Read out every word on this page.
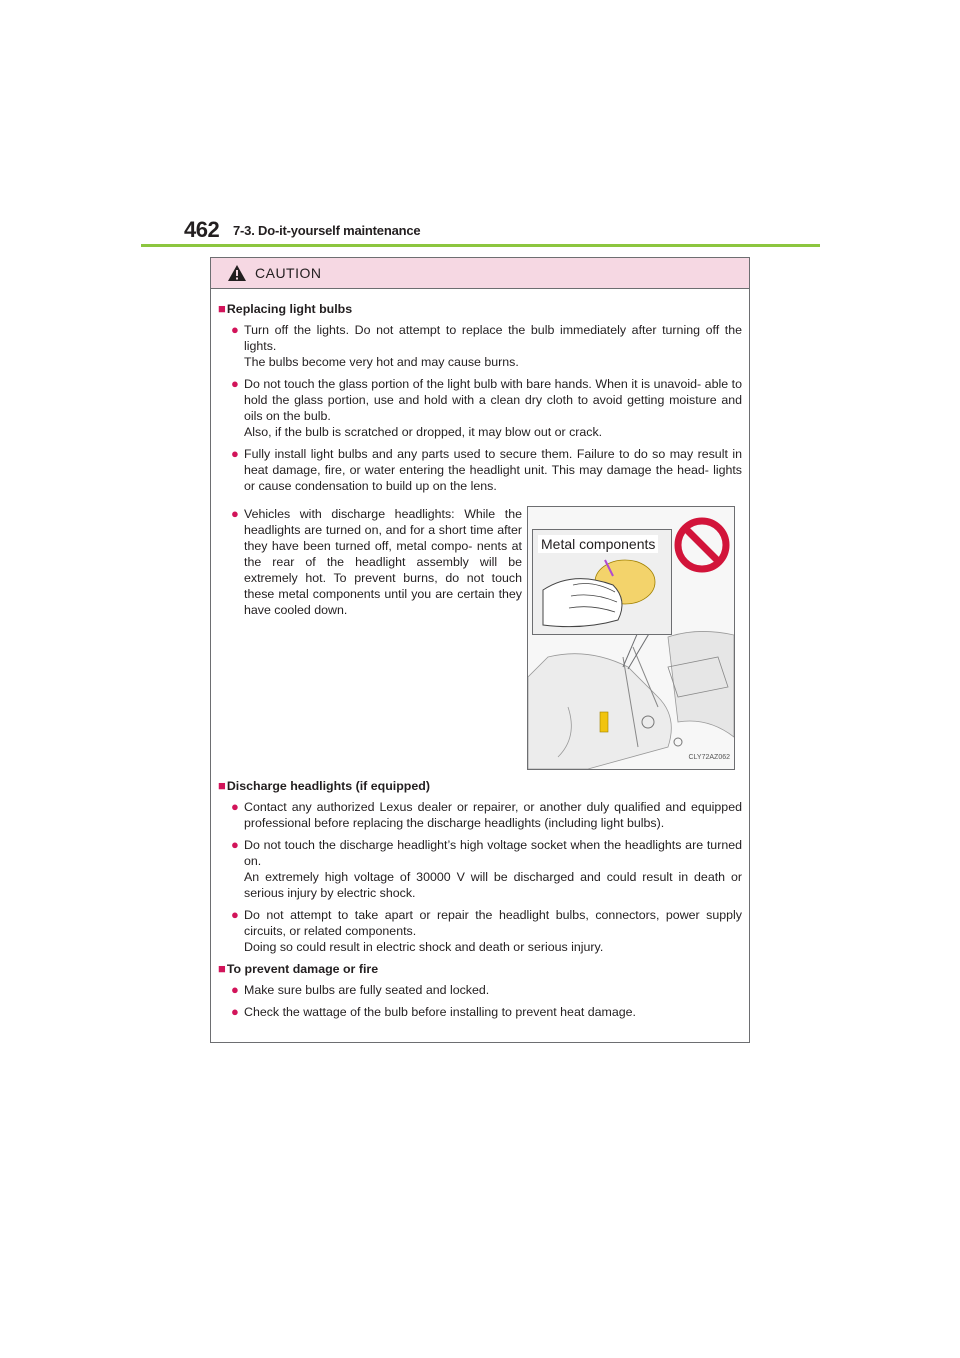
462 7-3. Do-it-yourself maintenance
CAUTION
■Replacing light bulbs
● Turn off the lights. Do not attempt to replace the bulb immediately after turning off the lights.

The bulbs become very hot and may cause burns.

● Do not touch the glass portion of the light bulb with bare hands. When it is unavoid- able to hold the glass portion, use and hold with a clean dry cloth to avoid getting moisture and oils on the bulb.

Also, if the bulb is scratched or dropped, it may blow out or crack.

● Fully install light bulbs and any parts used to secure them. Failure to do so may result in heat damage, fire, or water entering the headlight unit. This may damage the head- lights or cause condensation to build up on the lens.

● Vehicles with discharge headlights: While the headlights are turned on, and for a short time after they have been turned off, metal compo- nents at the rear of the headlight assembly will be extremely hot. To prevent burns, do not touch these metal components until you are certain they have cooled down.

Metal components
CLY72AZ062
■Discharge headlights (if equipped)
● Contact any authorized Lexus dealer or repairer, or another duly qualified and equipped professional before replacing the discharge headlights (including light bulbs).

● Do not touch the discharge headlight’s high voltage socket when the headlights are turned on.

An extremely high voltage of 30000 V will be discharged and could result in death or serious injury by electric shock.

● Do not attempt to take apart or repair the headlight bulbs, connectors, power supply circuits, or related components.

Doing so could result in electric shock and death or serious injury.

■To prevent damage or fire
● Make sure bulbs are fully seated and locked.

● Check the wattage of the bulb before installing to prevent heat damage.
